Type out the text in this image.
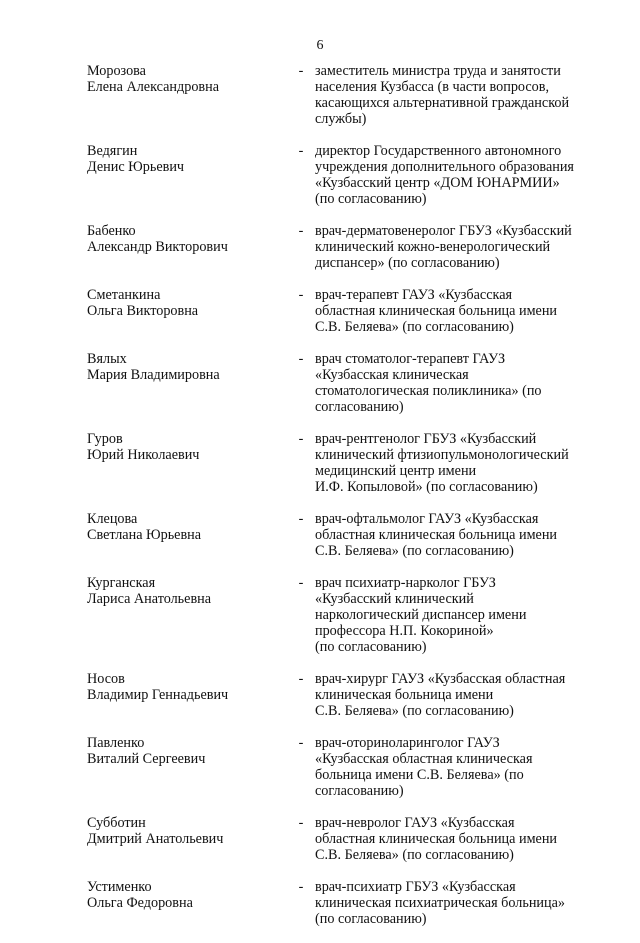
6
Морозова
Елена Александровна
- заместитель министра труда и занятости
населения Кузбасса (в части вопросов,
касающихся альтернативной гражданской
службы)
Ведягин
Денис Юрьевич
- директор Государственного автономного
учреждения дополнительного образования
«Кузбасский центр «ДОМ ЮНАРМИИ»
(по согласованию)
Бабенко
Александр Викторович
- врач-дерматовенеролог ГБУЗ «Кузбасский
клинический кожно-венерологический
диспансер» (по согласованию)
Сметанкина
Ольга Викторовна
- врач-терапевт ГАУЗ «Кузбасская
областная клиническая больница имени
С.В. Беляева» (по согласованию)
Вялых
Мария Владимировна
- врач стоматолог-терапевт ГАУЗ
«Кузбасская клиническая
стоматологическая поликлиника» (по
согласованию)
Гуров
Юрий Николаевич
- врач-рентгенолог ГБУЗ «Кузбасский
клинический фтизиопульмонологический
медицинский центр имени
И.Ф. Копыловой» (по согласованию)
Клецова
Светлана Юрьевна
- врач-офтальмолог ГАУЗ «Кузбасская
областная клиническая больница имени
С.В. Беляева» (по согласованию)
Курганская
Лариса Анатольевна
- врач психиатр-нарколог ГБУЗ
«Кузбасский клинический
наркологический диспансер имени
профессора Н.П. Кокориной»
(по согласованию)
Носов
Владимир Геннадьевич
- врач-хирург ГАУЗ «Кузбасская областная
клиническая больница имени
С.В. Беляева» (по согласованию)
Павленко
Виталий Сергеевич
- врач-оториноларинголог ГАУЗ
«Кузбасская областная клиническая
больница имени С.В. Беляева» (по
согласованию)
Субботин
Дмитрий Анатольевич
- врач-невролог ГАУЗ «Кузбасская
областная клиническая больница имени
С.В. Беляева» (по согласованию)
Устименко
Ольга Федоровна
- врач-психиатр ГБУЗ «Кузбасская
клиническая психиатрическая больница»
(по согласованию)
